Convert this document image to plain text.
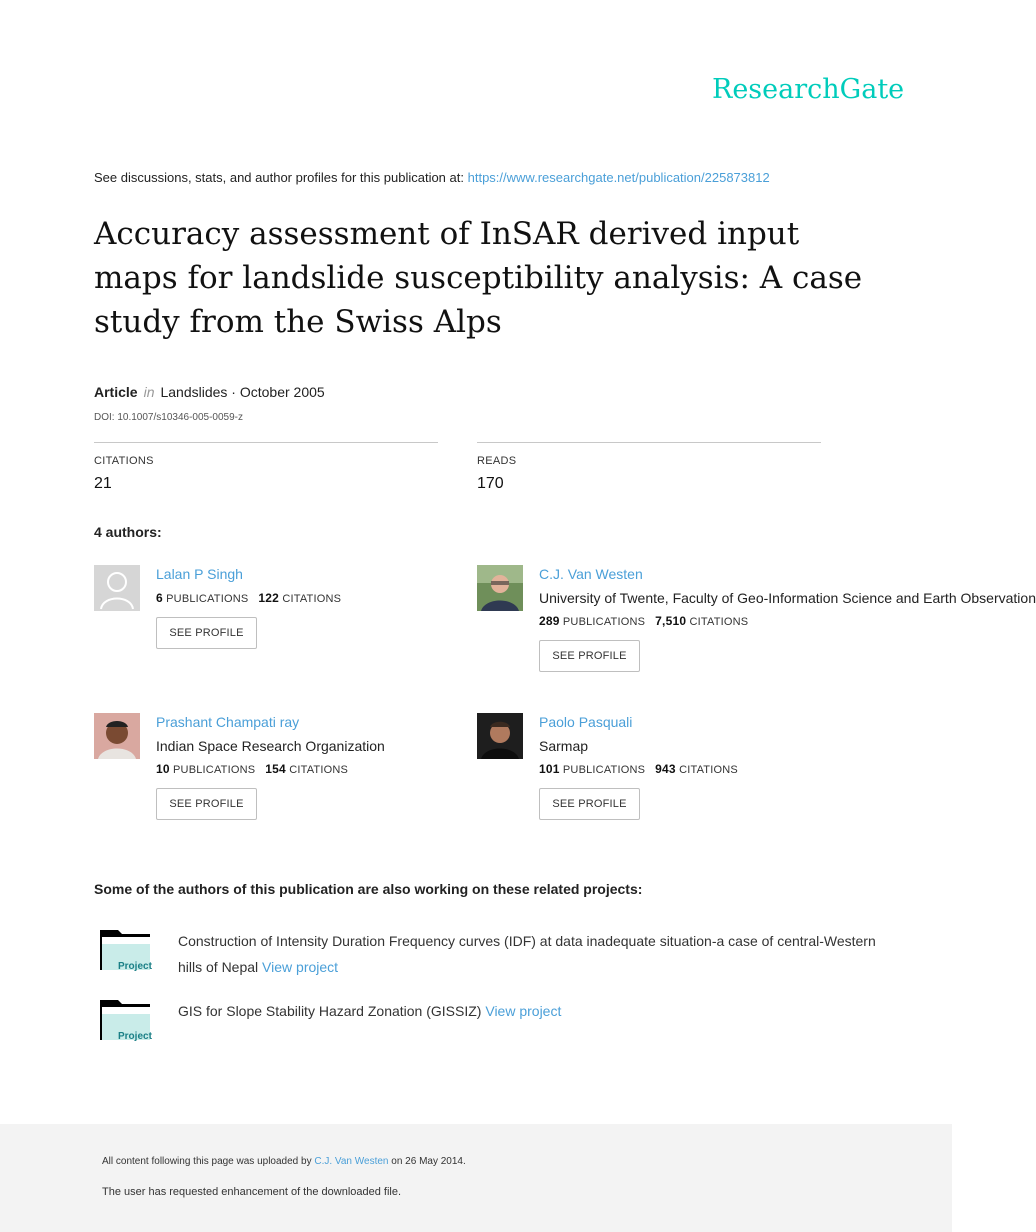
ResearchGate
See discussions, stats, and author profiles for this publication at: https://www.researchgate.net/publication/225873812
Accuracy assessment of InSAR derived input maps for landslide susceptibility analysis: A case study from the Swiss Alps
Article in Landslides · October 2005
DOI: 10.1007/s10346-005-0059-z
CITATIONS
21
READS
170
4 authors:
Lalan P Singh
6 PUBLICATIONS 122 CITATIONS
SEE PROFILE
C.J. Van Westen
University of Twente, Faculty of Geo-Information Science and Earth Observation
289 PUBLICATIONS 7,510 CITATIONS
SEE PROFILE
Prashant Champati ray
Indian Space Research Organization
10 PUBLICATIONS 154 CITATIONS
SEE PROFILE
Paolo Pasquali
Sarmap
101 PUBLICATIONS 943 CITATIONS
SEE PROFILE
Some of the authors of this publication are also working on these related projects:
Project
Construction of Intensity Duration Frequency curves (IDF) at data inadequate situation-a case of central-Western hills of Nepal View project
Project
GIS for Slope Stability Hazard Zonation (GISSIZ) View project
All content following this page was uploaded by C.J. Van Westen on 26 May 2014.
The user has requested enhancement of the downloaded file.
